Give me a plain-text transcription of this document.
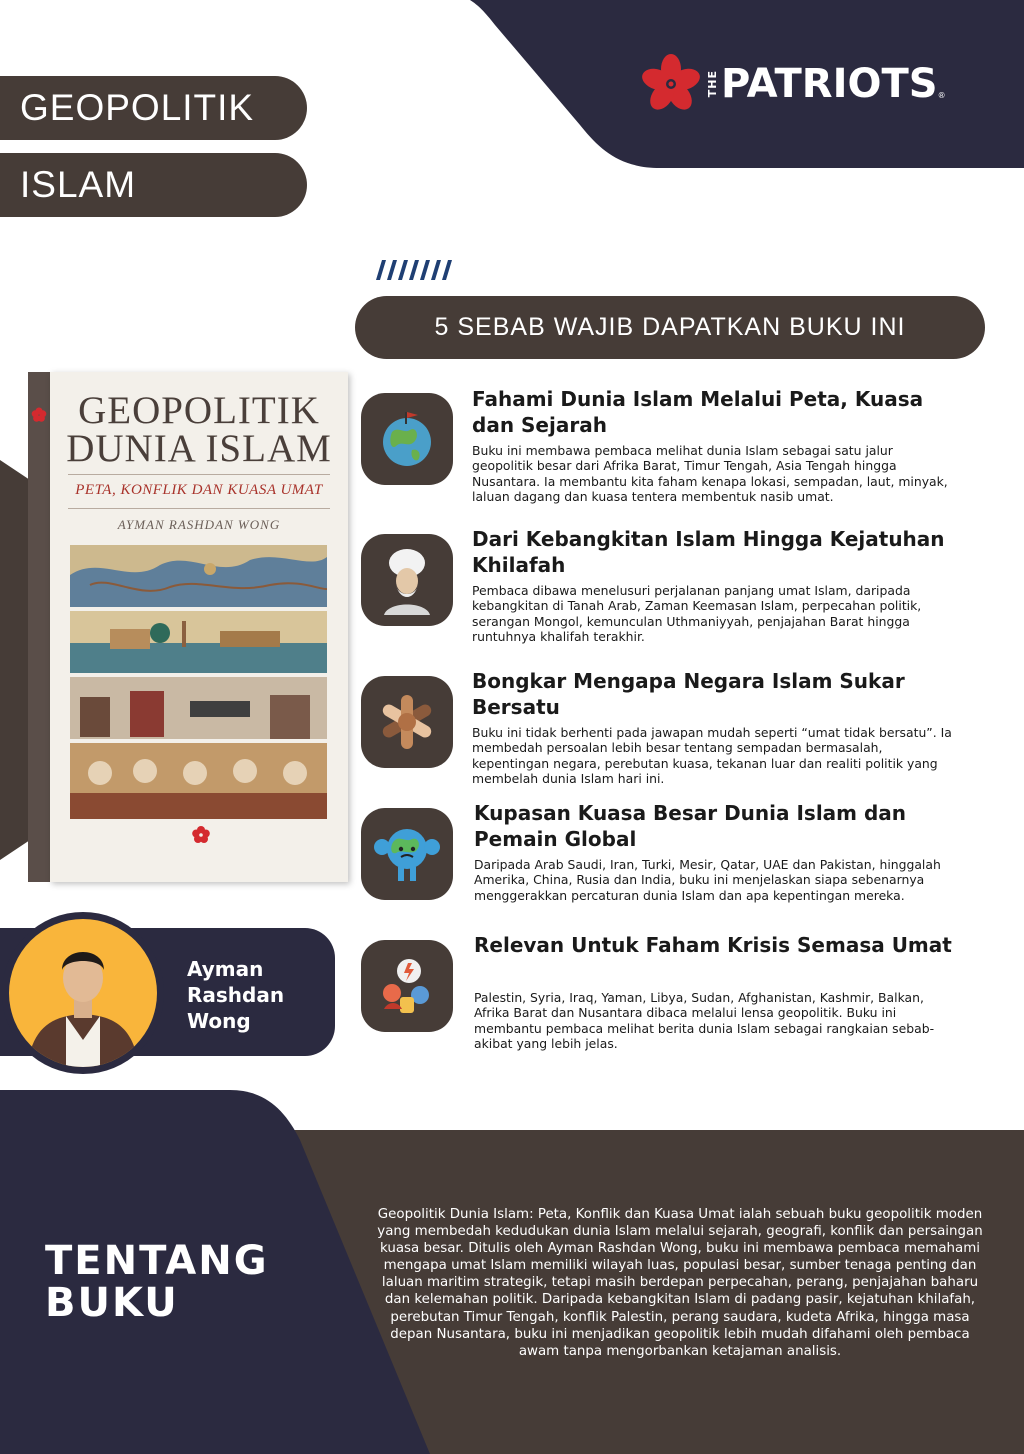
THE PATRIOTS ®
GEOPOLITIK
ISLAM
5 SEBAB WAJIB DAPATKAN BUKU INI
GEOPOLITIK
DUNIA ISLAM
PETA, KONFLIK DAN KUASA UMAT
AYMAN RASHDAN WONG
Fahami Dunia Islam Melalui Peta, Kuasa dan Sejarah
Buku ini membawa pembaca melihat dunia Islam sebagai satu jalur geopolitik besar dari Afrika Barat, Timur Tengah, Asia Tengah hingga Nusantara. Ia membantu kita faham kenapa lokasi, sempadan, laut, minyak, laluan dagang dan kuasa tentera membentuk nasib umat.
Dari Kebangkitan Islam Hingga Kejatuhan Khilafah
Pembaca dibawa menelusuri perjalanan panjang umat Islam, daripada kebangkitan di Tanah Arab, Zaman Keemasan Islam, perpecahan politik, serangan Mongol, kemunculan Uthmaniyyah, penjajahan Barat hingga runtuhnya khalifah terakhir.
Bongkar Mengapa Negara Islam Sukar Bersatu
Buku ini tidak berhenti pada jawapan mudah seperti “umat tidak bersatu”. Ia membedah persoalan lebih besar tentang sempadan bermasalah, kepentingan negara, perebutan kuasa, tekanan luar dan realiti politik yang membelah dunia Islam hari ini.
Kupasan Kuasa Besar Dunia Islam dan Pemain Global
Daripada Arab Saudi, Iran, Turki, Mesir, Qatar, UAE dan Pakistan, hinggalah Amerika, China, Rusia dan India, buku ini menjelaskan siapa sebenarnya menggerakkan percaturan dunia Islam dan apa kepentingan mereka.
Relevan Untuk Faham Krisis Semasa Umat
Palestin, Syria, Iraq, Yaman, Libya, Sudan, Afghanistan, Kashmir, Balkan, Afrika Barat dan Nusantara dibaca melalui lensa geopolitik. Buku ini membantu pembaca melihat berita dunia Islam sebagai rangkaian sebab-akibat yang lebih jelas.
Ayman Rashdan Wong
TENTANG
BUKU
Geopolitik Dunia Islam: Peta, Konflik dan Kuasa Umat ialah sebuah buku geopolitik moden yang membedah kedudukan dunia Islam melalui sejarah, geografi, konflik dan persaingan kuasa besar. Ditulis oleh Ayman Rashdan Wong, buku ini membawa pembaca memahami mengapa umat Islam memiliki wilayah luas, populasi besar, sumber tenaga penting dan laluan maritim strategik, tetapi masih berdepan perpecahan, perang, penjajahan baharu dan kelemahan politik. Daripada kebangkitan Islam di padang pasir, kejatuhan khilafah, perebutan Timur Tengah, konflik Palestin, perang saudara, kudeta Afrika, hingga masa depan Nusantara, buku ini menjadikan geopolitik lebih mudah difahami oleh pembaca awam tanpa mengorbankan ketajaman analisis.
